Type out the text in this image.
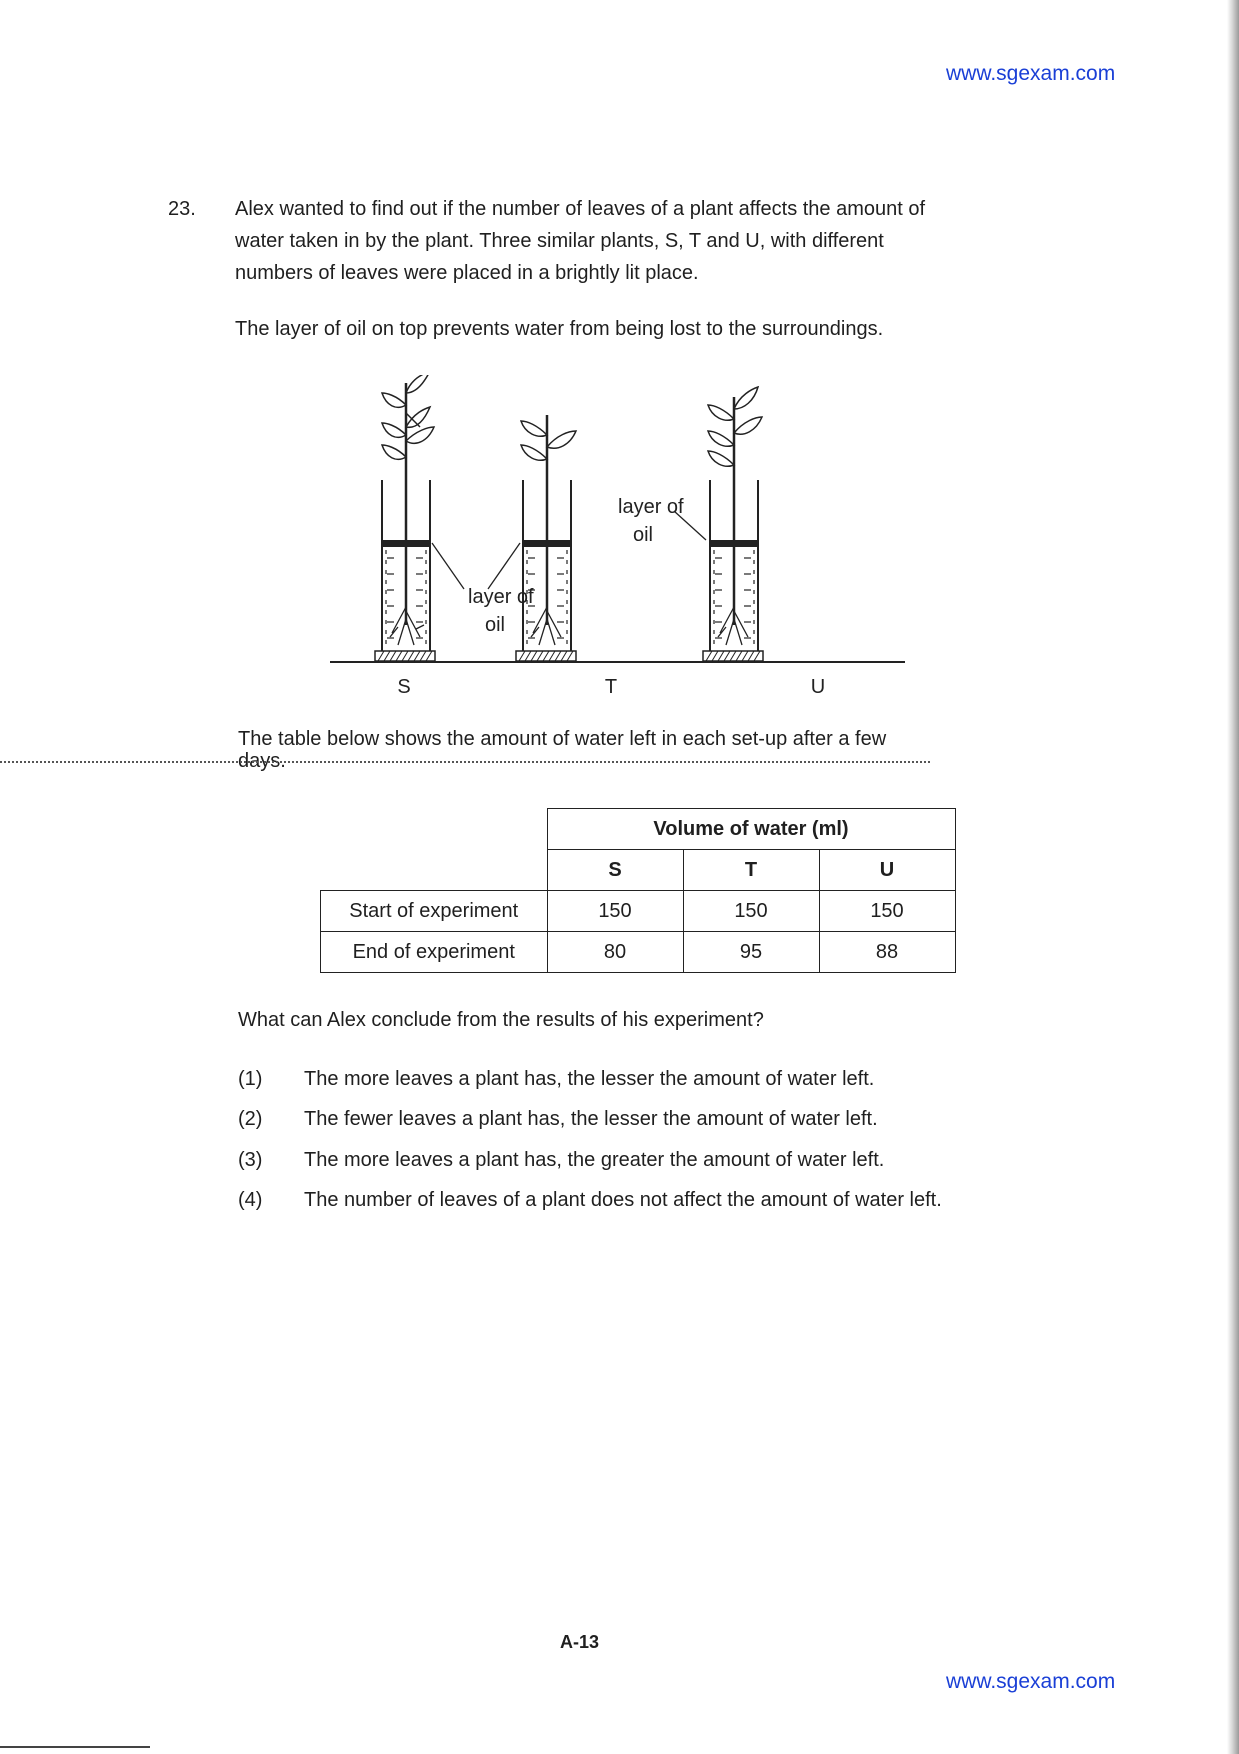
www.sgexam.com
23. Alex wanted to find out if the number of leaves of a plant affects the amount of
water taken in by the plant. Three similar plants, S, T and U, with different
numbers of leaves were placed in a brightly lit place.
The layer of oil on top prevents water from being lost to the surroundings.
layer of
oil
layer of
oil
S	T	U
The table below shows the amount of water left in each set-up after a few
days.
	Volume of water (ml)		
	S	T	U
Start of experiment	150	150	150
End of experiment	80	95	88
What can Alex conclude from the results of his experiment?
(1) The more leaves a plant has, the lesser the amount of water left.
(2) The fewer leaves a plant has, the lesser the amount of water left.
(3) The more leaves a plant has, the greater the amount of water left.
(4) The number of leaves of a plant does not affect the amount of water left.
A-13
www.sgexam.com
